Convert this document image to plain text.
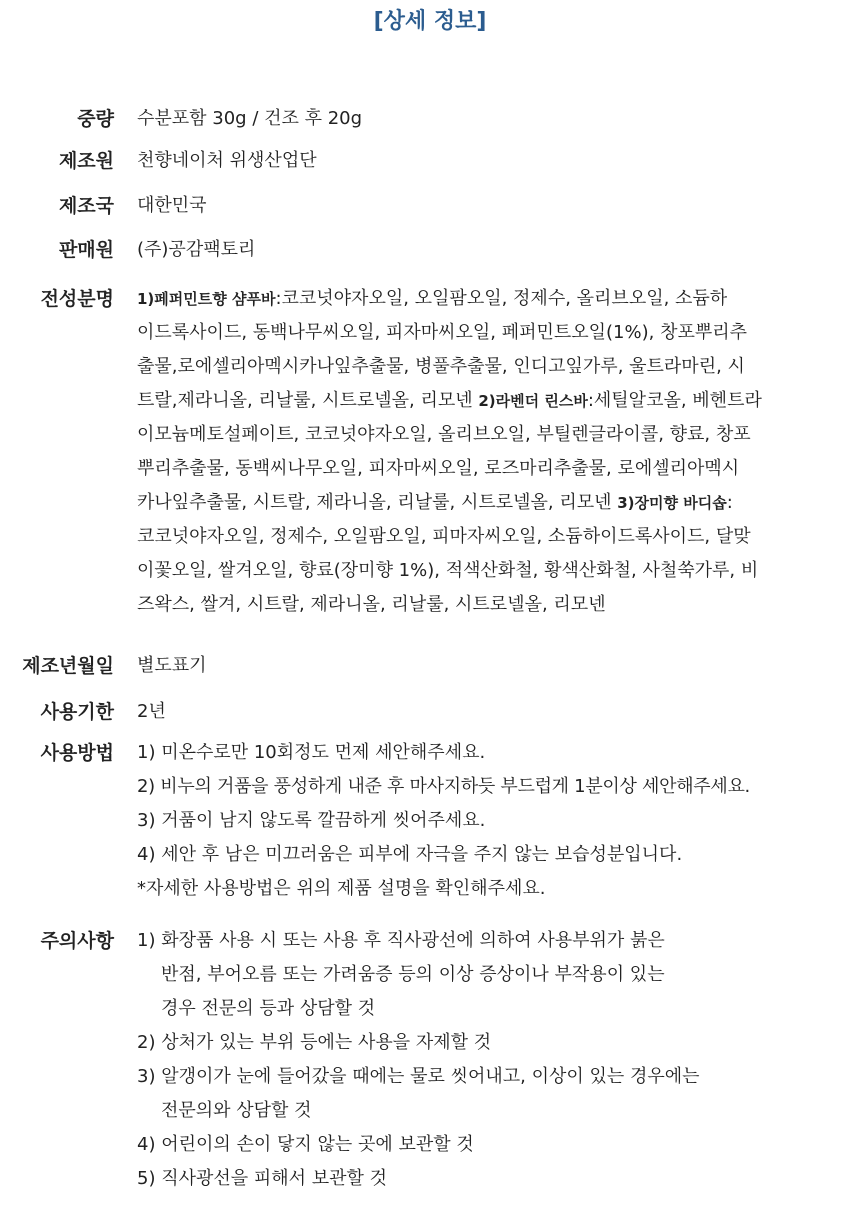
[상세 정보]
중량 수분포함 30g / 건조 후 20g
제조원 천향네이처 위생산업단
제조국 대한민국
판매원 (주)공감팩토리
전성분명 1)페퍼민트향 샴푸바:코코넛야자오일, 오일팜오일, 정제수, 올리브오일, 소듐하
이드록사이드, 동백나무씨오일, 피자마씨오일, 페퍼민트오일(1%), 창포뿌리추
출물,로에셀리아멕시카나잎추출물, 병풀추출물, 인디고잎가루, 울트라마린, 시
트랄,제라니올, 리날룰, 시트로넬올, 리모넨 2)라벤더 린스바:세틸알코올, 베헨트라
이모늄메토설페이트, 코코넛야자오일, 올리브오일, 부틸렌글라이콜, 향료, 창포
뿌리추출물, 동백씨나무오일, 피자마씨오일, 로즈마리추출물, 로에셀리아멕시
카나잎추출물, 시트랄, 제라니올, 리날룰, 시트로넬올, 리모넨 3)장미향 바디솝:
코코넛야자오일, 정제수, 오일팜오일, 피마자씨오일, 소듐하이드록사이드, 달맞
이꽃오일, 쌀겨오일, 향료(장미향 1%), 적색산화철, 황색산화철, 사철쑥가루, 비
즈왁스, 쌀겨, 시트랄, 제라니올, 리날룰, 시트로넬올, 리모넨
제조년월일 별도표기
사용기한 2년
사용방법 1) 미온수로만 10회정도 먼제 세안해주세요.
2) 비누의 거품을 풍성하게 내준 후 마사지하듯 부드럽게 1분이상 세안해주세요.
3) 거품이 남지 않도록 깔끔하게 씻어주세요.
4) 세안 후 남은 미끄러움은 피부에 자극을 주지 않는 보습성분입니다.
*자세한 사용방법은 위의 제품 설명을 확인해주세요.
주의사항 1) 화장품 사용 시 또는 사용 후 직사광선에 의하여 사용부위가 붉은
반점, 부어오름 또는 가려움증 등의 이상 증상이나 부작용이 있는
경우 전문의 등과 상담할 것
2) 상처가 있는 부위 등에는 사용을 자제할 것
3) 알갱이가 눈에 들어갔을 때에는 물로 씻어내고, 이상이 있는 경우에는
전문의와 상담할 것
4) 어린이의 손이 닿지 않는 곳에 보관할 것
5) 직사광선을 피해서 보관할 것
